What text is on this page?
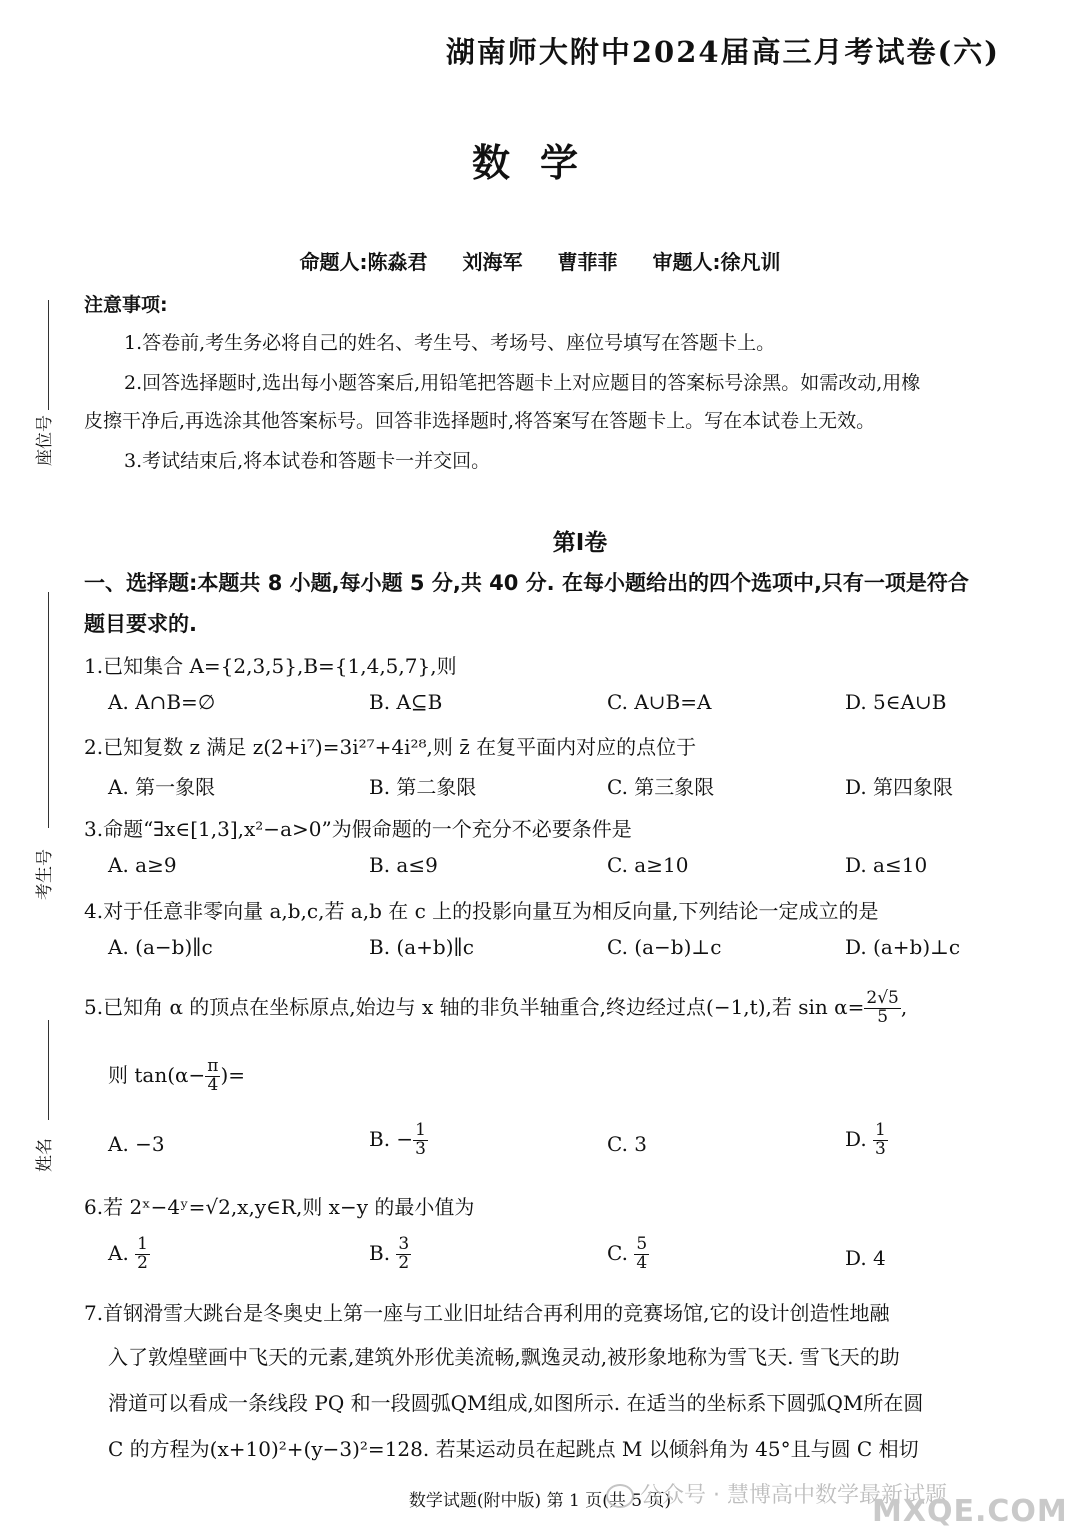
湖南师大附中2024届高三月考试卷(六)
数学
命题人:陈淼君 刘海军 曹菲菲 审题人:徐凡训
座位号
考生号
姓名
注意事项:
1.答卷前,考生务必将自己的姓名、考生号、考场号、座位号填写在答题卡上。
2.回答选择题时,选出每小题答案后,用铅笔把答题卡上对应题目的答案标号涂黑。如需改动,用橡
皮擦干净后,再选涂其他答案标号。回答非选择题时,将答案写在答题卡上。写在本试卷上无效。
3.考试结束后,将本试卷和答题卡一并交回。
第Ⅰ卷
一、选择题:本题共 8 小题,每小题 5 分,共 40 分. 在每小题给出的四个选项中,只有一项是符合
题目要求的.
1.已知集合 A={2,3,5},B={1,4,5,7},则
A. A∩B=∅	B. A⊆B	C. A∪B=A	D. 5∈A∪B
2.已知复数 z 满足 z(2+i⁷)=3i²⁷+4i²⁸,则 z̄ 在复平面内对应的点位于
A. 第一象限	B. 第二象限	C. 第三象限	D. 第四象限
3.命题“∃x∈[1,3],x²−a>0”为假命题的一个充分不必要条件是
A. a≥9	B. a≤9	C. a≥10	D. a≤10
4.对于任意非零向量 a,b,c,若 a,b 在 c 上的投影向量互为相反向量,下列结论一定成立的是
A. (a−b)∥c	B. (a+b)∥c	C. (a−b)⊥c	D. (a+b)⊥c
5.已知角 α 的顶点在坐标原点,始边与 x 轴的非负半轴重合,终边经过点(−1,t),若 $\sin \alpha= \frac{2√5}{5}$ ,
则 $\tan(\alpha- \frac{\pi}{4}$ )=
A. −3	B. − $\frac{1}{3}$	C. 3	D. $\frac{1}{3}$
6.若 2ˣ−4ʸ=√2,x,y∈R,则 x−y 的最小值为
A. $\frac{1}{2}$	B. $\frac{3}{2}$	C. $\frac{5}{4}$	D. 4
7.首钢滑雪大跳台是冬奥史上第一座与工业旧址结合再利用的竞赛场馆,它的设计创造性地融
入了敦煌壁画中飞天的元素,建筑外形优美流畅,飘逸灵动,被形象地称为雪飞天. 雪飞天的助
滑道可以看成一条线段 PQ 和一段圆弧QM组成,如图所示. 在适当的坐标系下圆弧QM所在圆
C 的方程为(x+10)²+(y−3)²=128. 若某运动员在起跳点 M 以倾斜角为 45°且与圆 C 相切
数学试题(附中版) 第 1 页(共 5 页)
公众号 · 慧博高中数学最新试题
MXQE.COM
